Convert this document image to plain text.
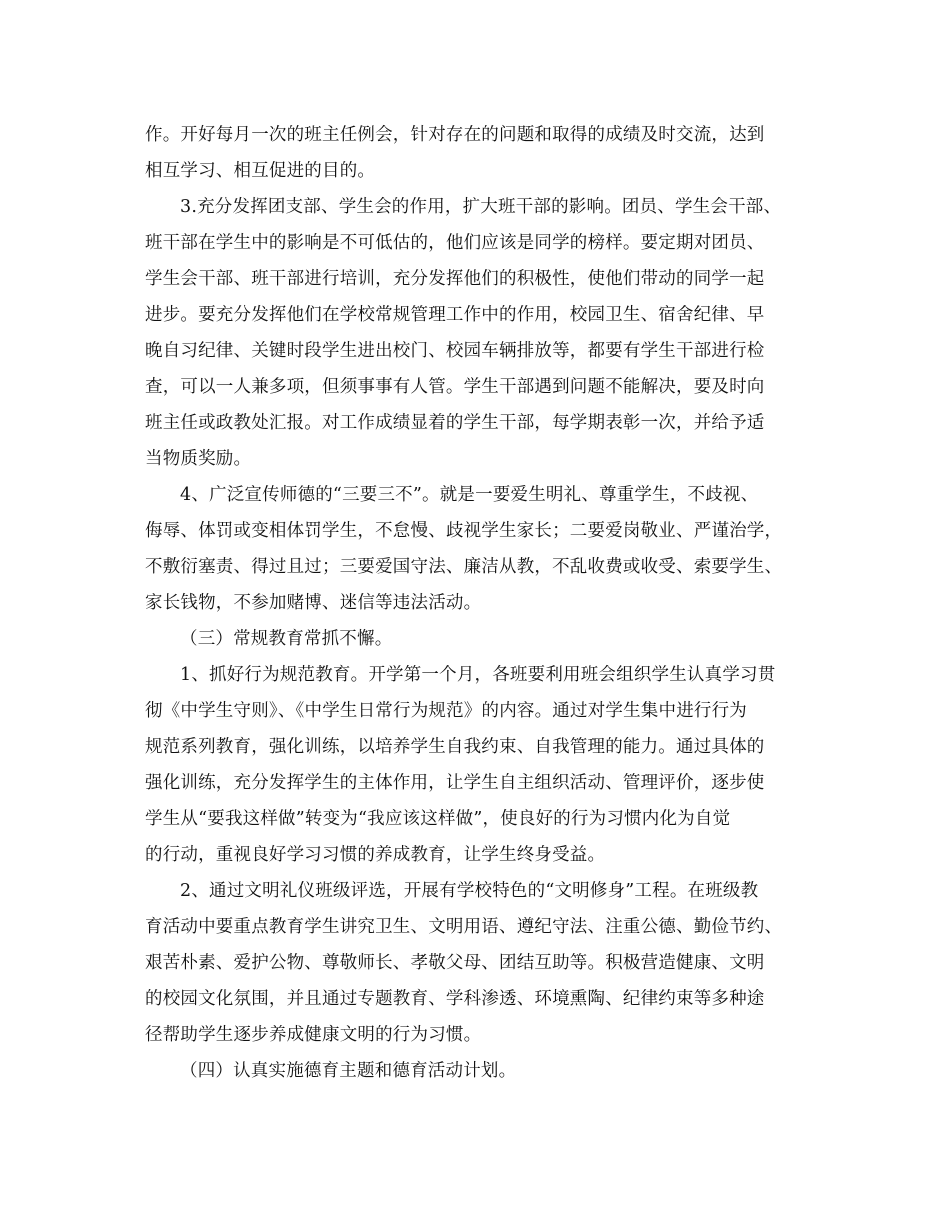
作。开好每月一次的班主任例会，针对存在的问题和取得的成绩及时交流，达到
相互学习、相互促进的目的。
3.充分发挥团支部、学生会的作用，扩大班干部的影响。团员、学生会干部、
班干部在学生中的影响是不可低估的，他们应该是同学的榜样。要定期对团员、
学生会干部、班干部进行培训，充分发挥他们的积极性，使他们带动的同学一起
进步。要充分发挥他们在学校常规管理工作中的作用，校园卫生、宿舍纪律、早
晚自习纪律、关键时段学生进出校门、校园车辆排放等，都要有学生干部进行检
查，可以一人兼多项，但须事事有人管。学生干部遇到问题不能解决，要及时向
班主任或政教处汇报。对工作成绩显着的学生干部，每学期表彰一次，并给予适
当物质奖励。
4、广泛宣传师德的“三要三不”。就是一要爱生明礼、尊重学生，不歧视、
侮辱、体罚或变相体罚学生，不怠慢、歧视学生家长；二要爱岗敬业、严谨治学，
不敷衍塞责、得过且过；三要爱国守法、廉洁从教，不乱收费或收受、索要学生、
家长钱物，不参加赌博、迷信等违法活动。
（三）常规教育常抓不懈。
1、抓好行为规范教育。开学第一个月，各班要利用班会组织学生认真学习贯
彻《中学生守则》、《中学生日常行为规范》的内容。通过对学生集中进行行为
规范系列教育，强化训练，以培养学生自我约束、自我管理的能力。通过具体的
强化训练，充分发挥学生的主体作用，让学生自主组织活动、管理评价，逐步使
学生从“要我这样做”转变为“我应该这样做”，使良好的行为习惯内化为自觉
的行动，重视良好学习习惯的养成教育，让学生终身受益。
2、通过文明礼仪班级评选，开展有学校特色的“文明修身”工程。在班级教
育活动中要重点教育学生讲究卫生、文明用语、遵纪守法、注重公德、勤俭节约、
艰苦朴素、爱护公物、尊敬师长、孝敬父母、团结互助等。积极营造健康、文明
的校园文化氛围，并且通过专题教育、学科渗透、环境熏陶、纪律约束等多种途
径帮助学生逐步养成健康文明的行为习惯。
（四）认真实施德育主题和德育活动计划。
